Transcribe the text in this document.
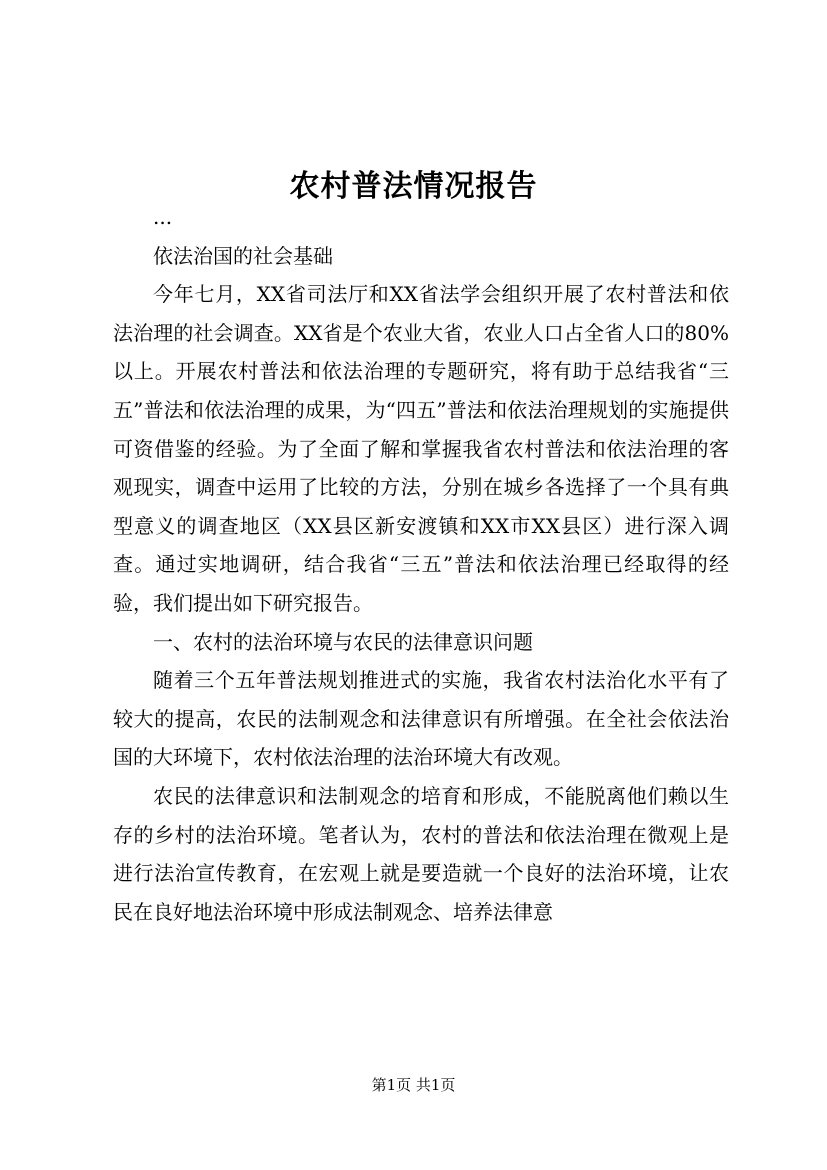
农村普法情况报告

...

依法治国的社会基础

今年七月，XX省司法厅和XX省法学会组织开展了农村普法和依法治理的社会调查。XX省是个农业大省，农业人口占全省人口的80%以上。开展农村普法和依法治理的专题研究，将有助于总结我省“三五”普法和依法治理的成果，为“四五”普法和依法治理规划的实施提供可资借鉴的经验。为了全面了解和掌握我省农村普法和依法治理的客观现实，调查中运用了比较的方法，分别在城乡各选择了一个具有典型意义的调查地区（XX县区新安渡镇和XX市XX县区）进行深入调查。通过实地调研，结合我省“三五”普法和依法治理已经取得的经验，我们提出如下研究报告。

一、农村的法治环境与农民的法律意识问题

随着三个五年普法规划推进式的实施，我省农村法治化水平有了较大的提高，农民的法制观念和法律意识有所增强。在全社会依法治国的大环境下，农村依法治理的法治环境大有改观。

农民的法律意识和法制观念的培育和形成，不能脱离他们赖以生存的乡村的法治环境。笔者认为，农村的普法和依法治理在微观上是进行法治宣传教育，在宏观上就是要造就一个良好的法治环境，让农民在良好地法治环境中形成法制观念、培养法律意

第1页 共1页
